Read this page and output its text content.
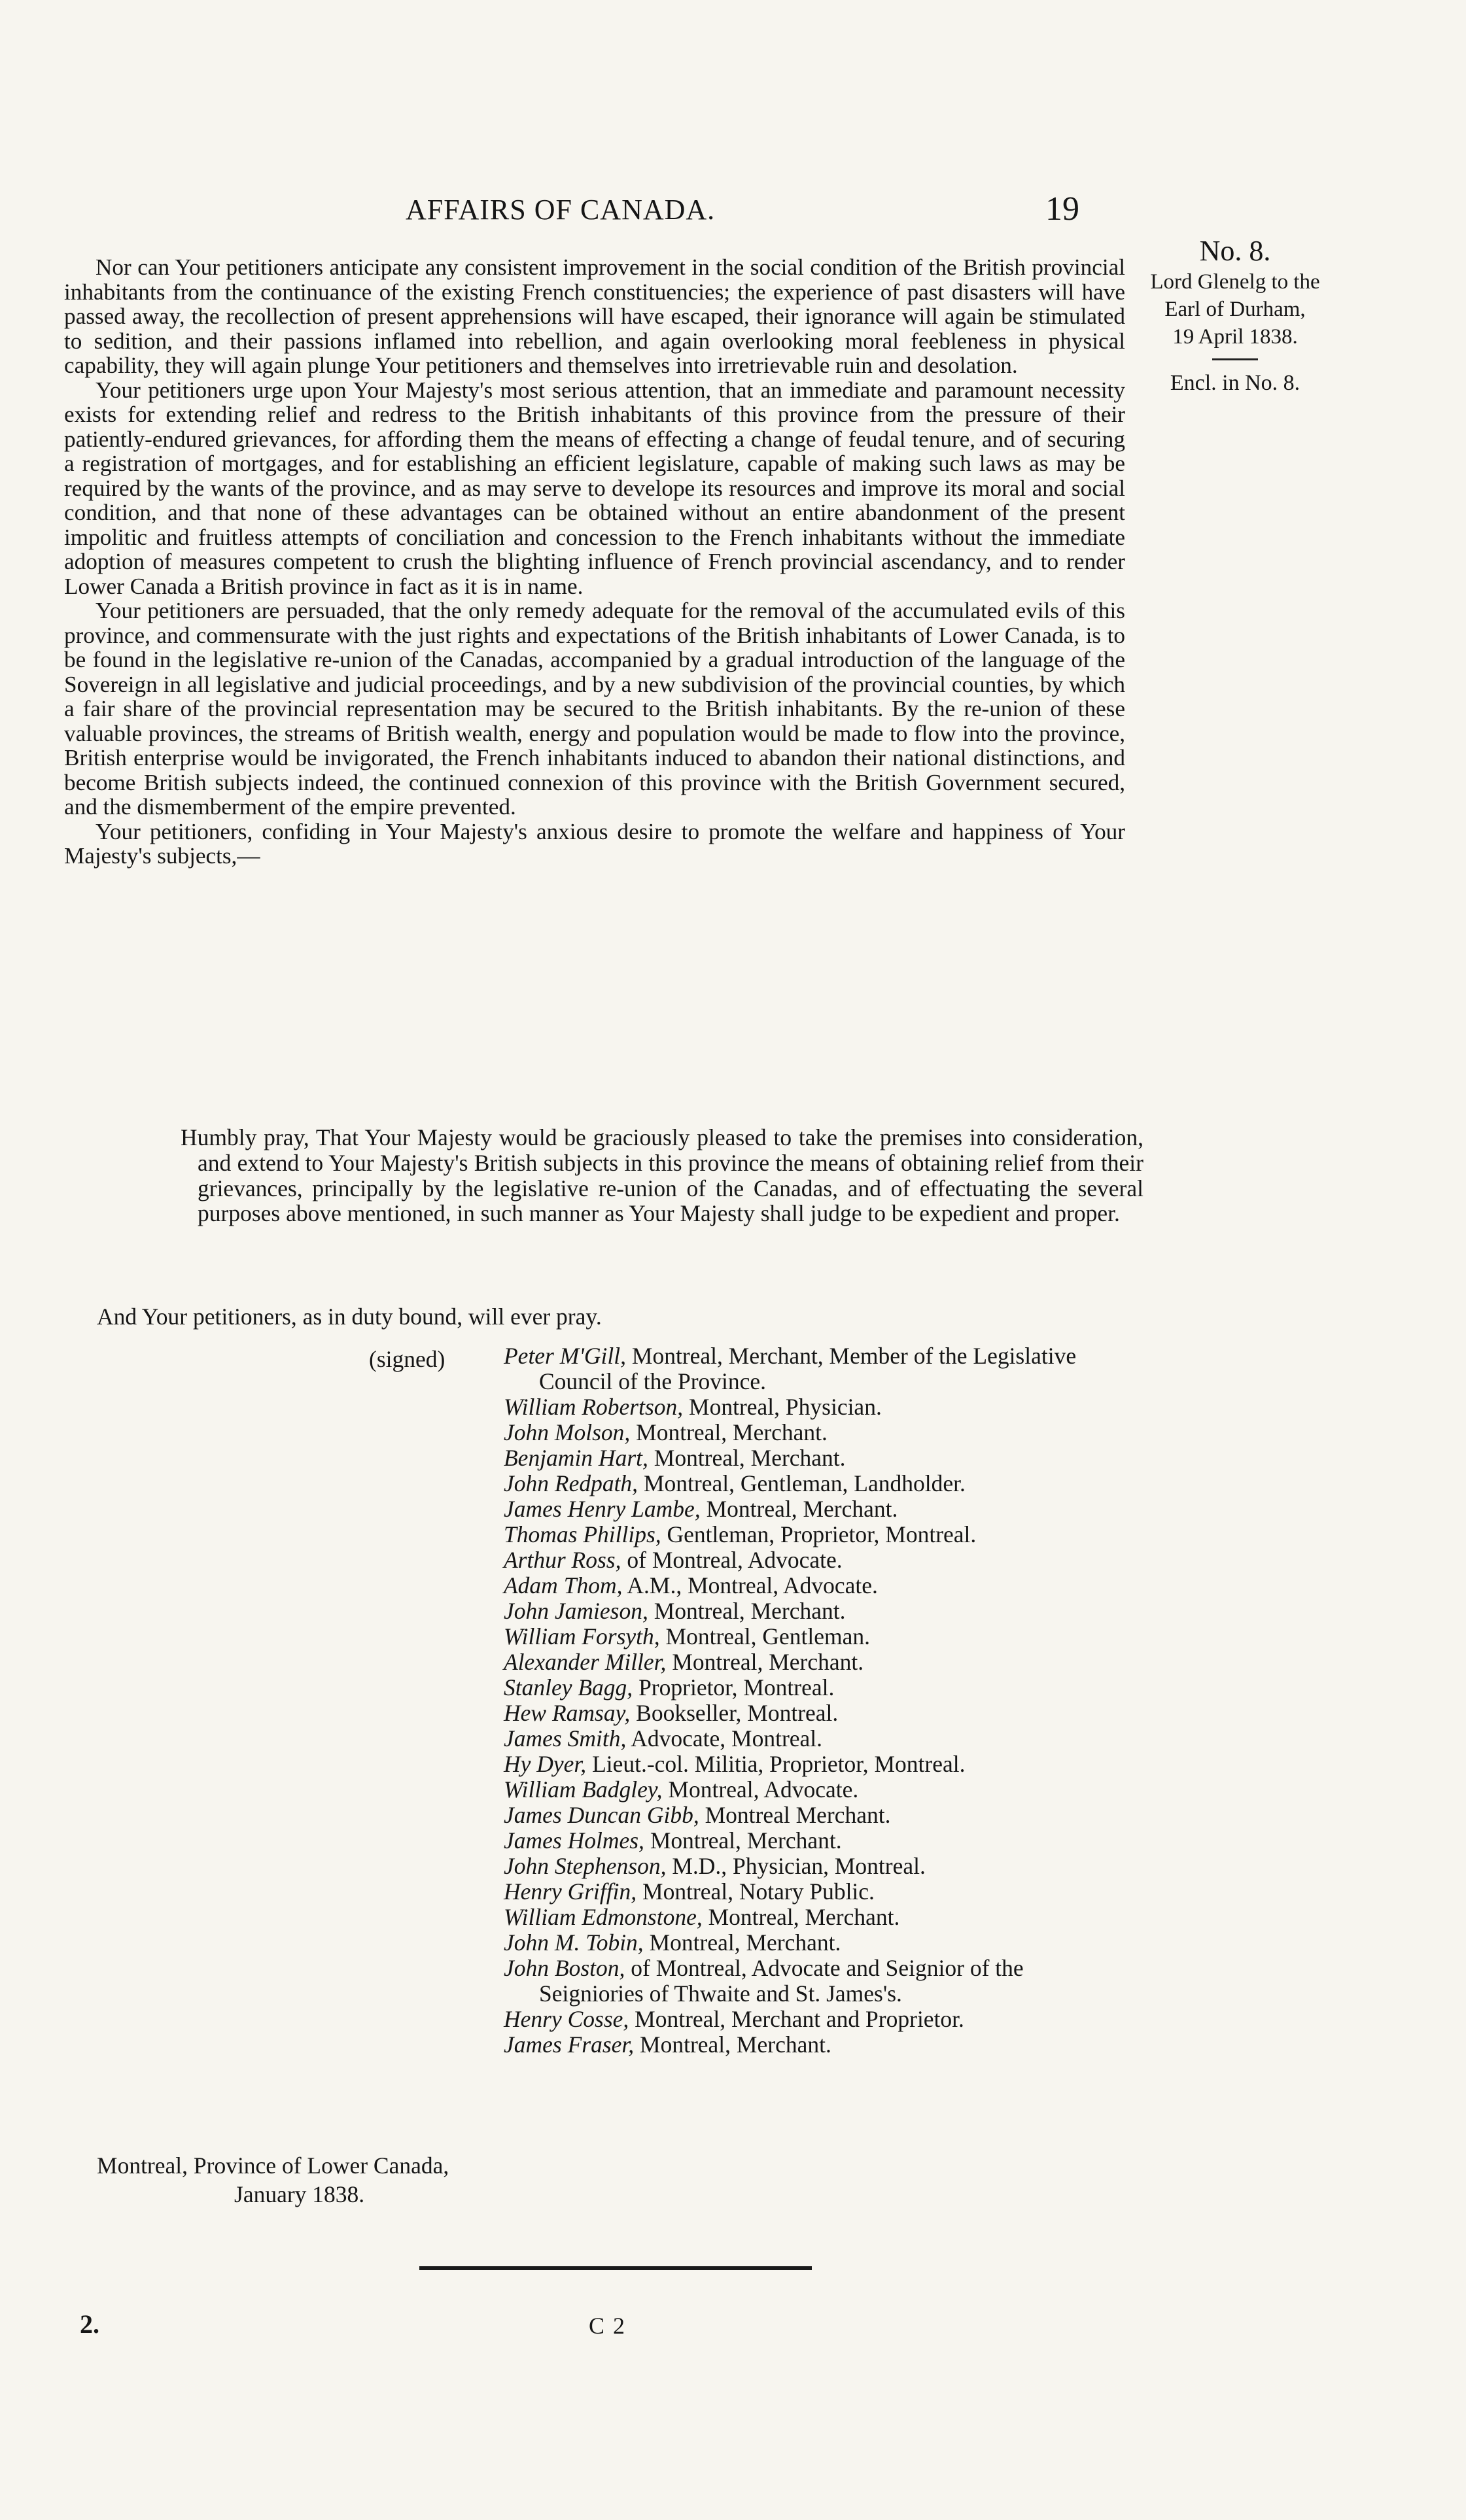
AFFAIRS OF CANADA.	19
No. 8.
Lord Glenelg to the
Earl of Durham,
19 April 1838.
Encl. in No. 8.

Nor can Your petitioners anticipate any consistent improvement in the social condition of the British provincial inhabitants from the continuance of the existing French constituencies; the experience of past disasters will have passed away, the recollection of present apprehensions will have escaped, their ignorance will again be stimulated to sedition, and their passions inflamed into rebellion, and again overlooking moral feebleness in physical capability, they will again plunge Your petitioners and themselves into irretrievable ruin and desolation.

Your petitioners urge upon Your Majesty's most serious attention, that an immediate and paramount necessity exists for extending relief and redress to the British inhabitants of this province from the pressure of their patiently-endured grievances, for affording them the means of effecting a change of feudal tenure, and of securing a registration of mortgages, and for establishing an efficient legislature, capable of making such laws as may be required by the wants of the province, and as may serve to develope its resources and improve its moral and social condition, and that none of these advantages can be obtained without an entire abandonment of the present impolitic and fruitless attempts of conciliation and concession to the French inhabitants without the immediate adoption of measures competent to crush the blighting influence of French provincial ascendancy, and to render Lower Canada a British province in fact as it is in name.

Your petitioners are persuaded, that the only remedy adequate for the removal of the accumulated evils of this province, and commensurate with the just rights and expectations of the British inhabitants of Lower Canada, is to be found in the legislative re-union of the Canadas, accompanied by a gradual introduction of the language of the Sovereign in all legislative and judicial proceedings, and by a new subdivision of the provincial counties, by which a fair share of the provincial representation may be secured to the British inhabitants. By the re-union of these valuable provinces, the streams of British wealth, energy and population would be made to flow into the province, British enterprise would be invigorated, the French inhabitants induced to abandon their national distinctions, and become British subjects indeed, the continued connexion of this province with the British Government secured, and the dismemberment of the empire prevented.

Your petitioners, confiding in Your Majesty's anxious desire to promote the welfare and happiness of Your Majesty's subjects,—

Humbly pray, That Your Majesty would be graciously pleased to take the premises into consideration, and extend to Your Majesty's British subjects in this province the means of obtaining relief from their grievances, principally by the legislative re-union of the Canadas, and of effectuating the several purposes above mentioned, in such manner as Your Majesty shall judge to be expedient and proper.
And Your petitioners, as in duty bound, will ever pray.
(signed)	Peter M'Gill, Montreal, Merchant, Member of the Legislative Council of the Province.
William Robertson, Montreal, Physician.
John Molson, Montreal, Merchant.
Benjamin Hart, Montreal, Merchant.
John Redpath, Montreal, Gentleman, Landholder.
James Henry Lambe, Montreal, Merchant.
Thomas Phillips, Gentleman, Proprietor, Montreal.
Arthur Ross, of Montreal, Advocate.
Adam Thom, A.M., Montreal, Advocate.
John Jamieson, Montreal, Merchant.
William Forsyth, Montreal, Gentleman.
Alexander Miller, Montreal, Merchant.
Stanley Bagg, Proprietor, Montreal.
Hew Ramsay, Bookseller, Montreal.
James Smith, Advocate, Montreal.
Hy Dyer, Lieut.-col. Militia, Proprietor, Montreal.
William Badgley, Montreal, Advocate.
James Duncan Gibb, Montreal Merchant.
James Holmes, Montreal, Merchant.
John Stephenson, M.D., Physician, Montreal.
Henry Griffin, Montreal, Notary Public.
William Edmonstone, Montreal, Merchant.
John M. Tobin, Montreal, Merchant.
John Boston, of Montreal, Advocate and Seignior of the Seigniories of Thwaite and St. James's.
Henry Cosse, Montreal, Merchant and Proprietor.
James Fraser, Montreal, Merchant.
Montreal, Province of Lower Canada,
January 1838.
2.	C 2
